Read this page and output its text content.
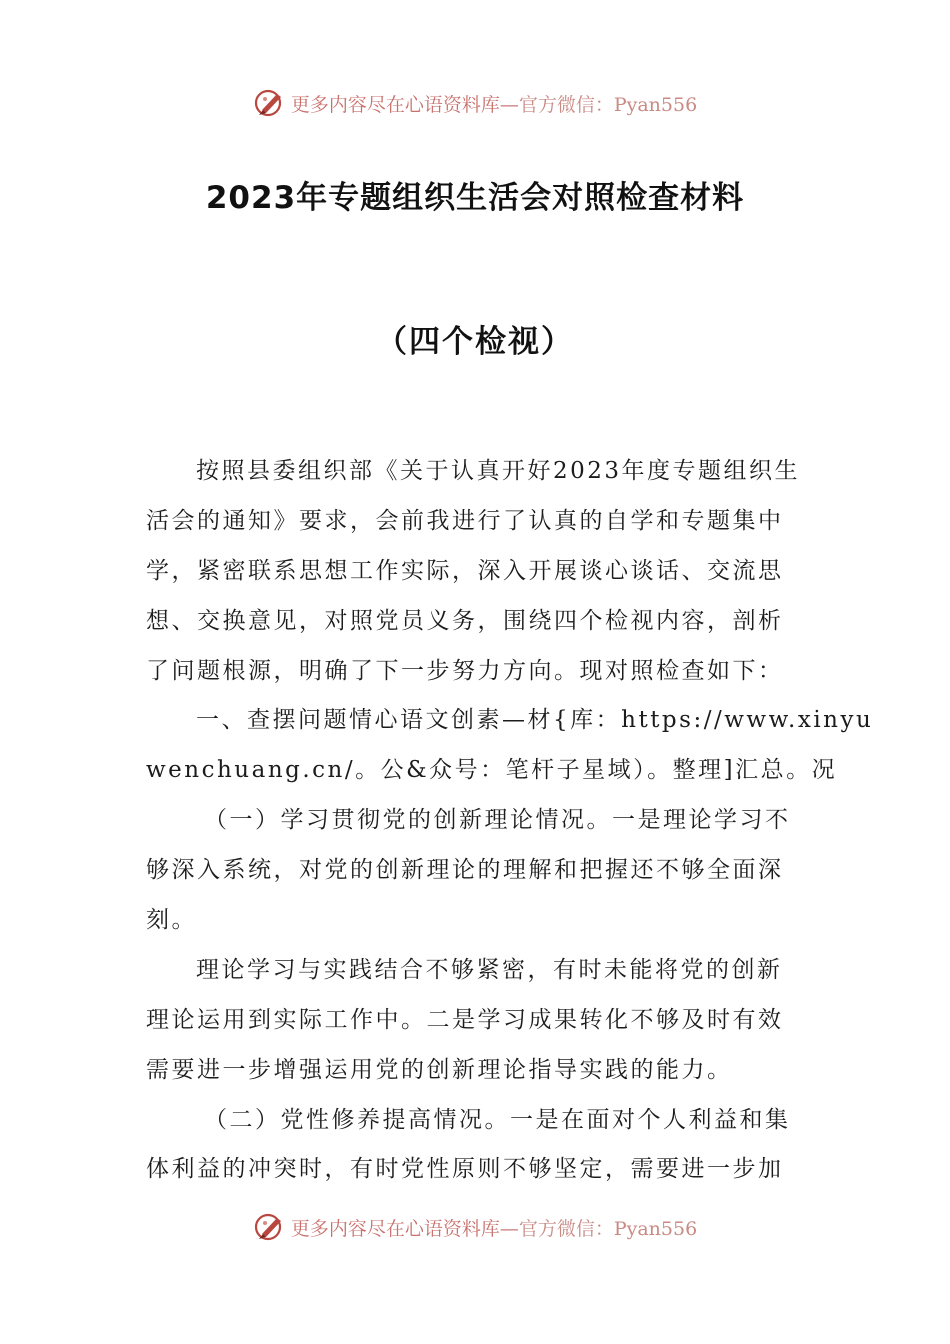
更多内容尽在心语资料库—官方微信：Pyan556
2023年专题组织生活会对照检查材料
（四个检视）
按照县委组织部《关于认真开好2023年度专题组织生
活会的通知》要求，会前我进行了认真的自学和专题集中
学，紧密联系思想工作实际，深入开展谈心谈话、交流思
想、交换意见，对照党员义务，围绕四个检视内容，剖析
了问题根源，明确了下一步努力方向。现对照检查如下：
一、查摆问题情心语文创素—材{库：https://www.xinyu
wenchuang.cn/。公&众号：笔杆子星域）。整理]汇总。况
（一）学习贯彻党的创新理论情况。一是理论学习不
够深入系统，对党的创新理论的理解和把握还不够全面深
刻。
理论学习与实践结合不够紧密，有时未能将党的创新
理论运用到实际工作中。二是学习成果转化不够及时有效
需要进一步增强运用党的创新理论指导实践的能力。
（二）党性修养提高情况。一是在面对个人利益和集
体利益的冲突时，有时党性原则不够坚定，需要进一步加
更多内容尽在心语资料库—官方微信：Pyan556
